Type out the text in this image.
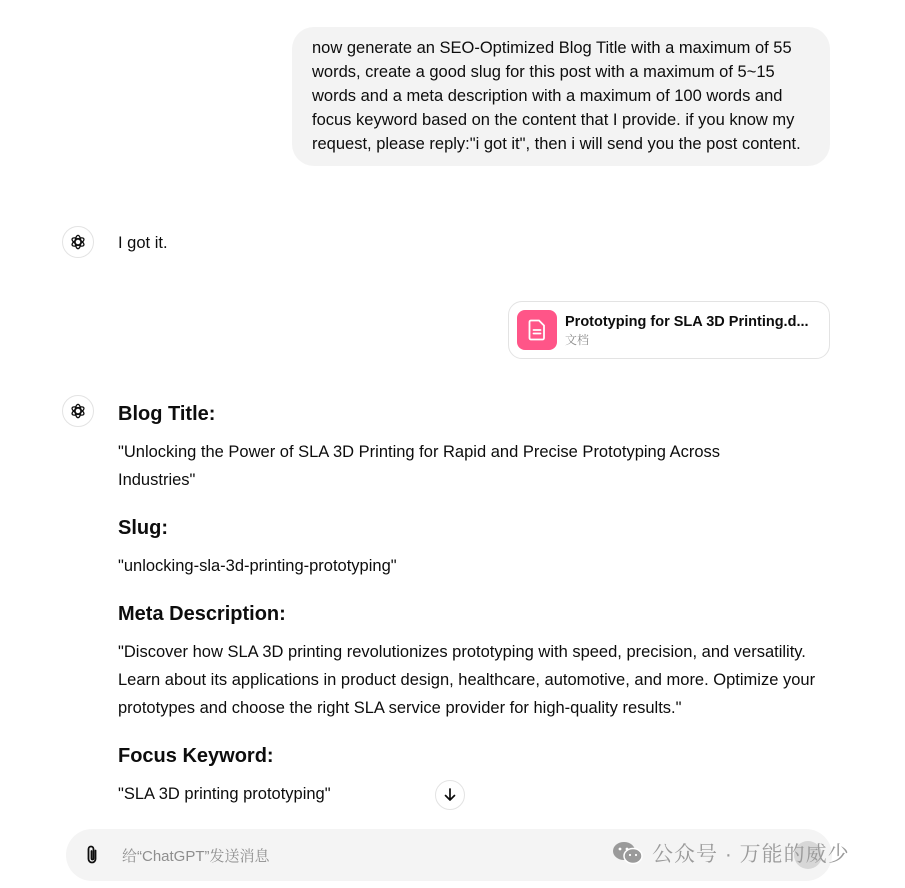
now generate an SEO-Optimized Blog Title with a maximum of 55 words, create a good slug for this post with a maximum of 5~15 words and a meta description with a maximum of 100 words and focus keyword based on the content that I provide. if you know my request, please reply:"i got it", then i will send you the post content.
I got it.
Prototyping for SLA 3D Printing.d...
文档
Blog Title:

"Unlocking the Power of SLA 3D Printing for Rapid and Precise Prototyping Across Industries"

Slug:

"unlocking-sla-3d-printing-prototyping"

Meta Description:

"Discover how SLA 3D printing revolutionizes prototyping with speed, precision, and versatility. Learn about its applications in product design, healthcare, automotive, and more. Optimize your prototypes and choose the right SLA service provider for high-quality results."

Focus Keyword:

"SLA 3D printing prototyping"

给“ChatGPT”发送消息
公众号 · 万能的威少
